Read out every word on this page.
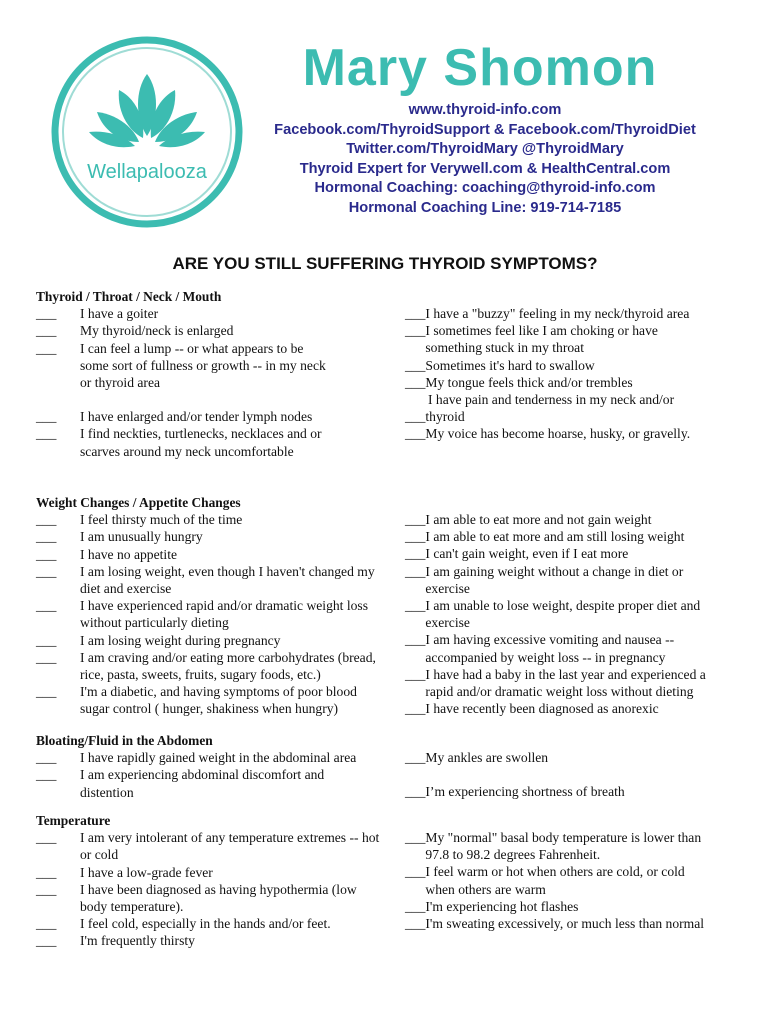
Wellapalooza
Mary Shomon
www.thyroid-info.com
Facebook.com/ThyroidSupport & Facebook.com/ThyroidDiet
Twitter.com/ThyroidMary @ThyroidMary
Thyroid Expert for Verywell.com & HealthCentral.com
Hormonal Coaching: coaching@thyroid-info.com
Hormonal Coaching Line: 919-714-7185
ARE YOU STILL SUFFERING THYROID SYMPTOMS?
Thyroid / Throat / Neck / Mouth
___	I have a goiter
___	My thyroid/neck is enlarged
___	I can feel a lump -- or what appears to be some sort of fullness or growth -- in my neck or thyroid area
___	I have enlarged and/or tender lymph nodes
___	I find neckties, turtlenecks, necklaces and or scarves around my neck uncomfortable
___ I have a "buzzy" feeling in my neck/thyroid area
___ I sometimes feel like I am choking or have something stuck in my throat
___ Sometimes it's hard to swallow
___ My tongue feels thick and/or trembles
I have pain and tenderness in my neck and/or
___ thyroid
___ My voice has become hoarse, husky, or gravelly.
Weight Changes / Appetite Changes
___	I feel thirsty much of the time
___	I am unusually hungry
___	I have no appetite
___	I am losing weight, even though I haven't changed my diet and exercise
___	I have experienced rapid and/or dramatic weight loss without particularly dieting
___	I am losing weight during pregnancy
___	I am craving and/or eating more carbohydrates (bread, rice, pasta, sweets, fruits, sugary foods, etc.)
___	I'm a diabetic, and having symptoms of poor blood sugar control ( hunger, shakiness when hungry)
___ I am able to eat more and not gain weight
___ I am able to eat more and am still losing weight
___ I can't gain weight, even if I eat more
___ I am gaining weight without a change in diet or exercise
___ I am unable to lose weight, despite proper diet and exercise
___ I am having excessive vomiting and nausea -- accompanied by weight loss -- in pregnancy
___ I have had a baby in the last year and experienced a rapid and/or dramatic weight loss without dieting
___ I have recently been diagnosed as anorexic
Bloating/Fluid in the Abdomen
___	I have rapidly gained weight in the abdominal area
___	I am experiencing abdominal discomfort and distention
___ My ankles are swollen
___ I’m experiencing shortness of breath
Temperature
___	I am very intolerant of any temperature extremes -- hot or cold
___	I have a low-grade fever
___	I have been diagnosed as having hypothermia (low body temperature).
___	I feel cold, especially in the hands and/or feet.
___	I'm frequently thirsty
___ My "normal" basal body temperature is lower than 97.8 to 98.2 degrees Fahrenheit.
___ I feel warm or hot when others are cold, or cold when others are warm
___ I'm experiencing hot flashes
___ I'm sweating excessively, or much less than normal
